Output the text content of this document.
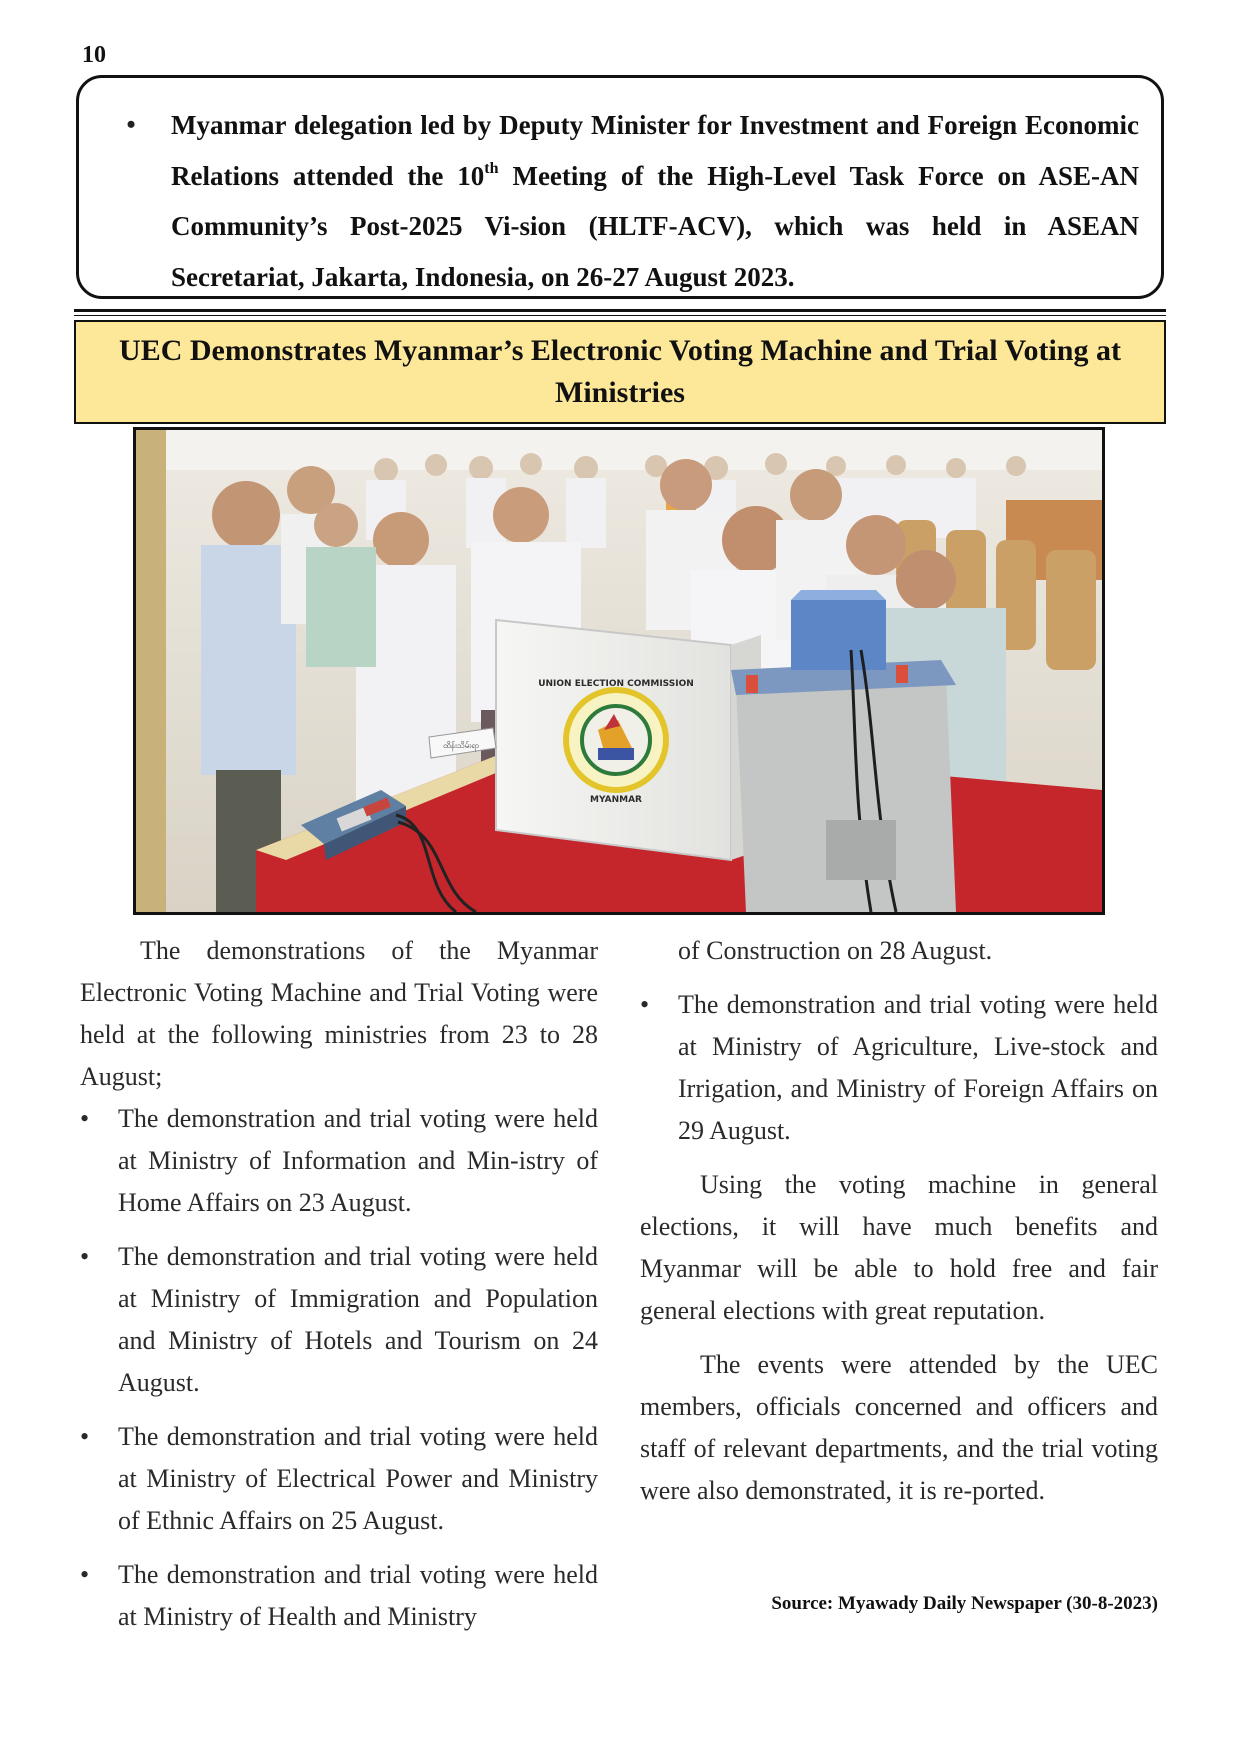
10
•	Myanmar delegation led by Deputy Minister for Investment and Foreign Economic Relations attended the 10th Meeting of the High-Level Task Force on ASE-AN Community’s Post-2025 Vi-sion (HLTF-ACV), which was held in ASEAN Secretariat, Jakarta, Indonesia, on 26-27 August 2023.
UEC Demonstrates Myanmar’s Electronic Voting Machine and Trial Voting at Ministries
UNION ELECTION COMMISSION
MYANMAR
ထိန်းသိမ်းရာ

The demonstrations of the Myanmar Electronic Voting Machine and Trial Voting were held at the following ministries from 23 to 28 August;

•	The demonstration and trial voting were held at Ministry of Information and Min-istry of Home Affairs on 23 August.

•	The demonstration and trial voting were held at Ministry of Immigration and Population and Ministry of Hotels and Tourism on 24 August.

•	The demonstration and trial voting were held at Ministry of Electrical Power and Ministry of Ethnic Affairs on 25 August.

•	The demonstration and trial voting were held at Ministry of Health and Ministry

of Construction on 28 August.

•	The demonstration and trial voting were held at Ministry of Agriculture, Live-stock and Irrigation, and Ministry of Foreign Affairs on 29 August.

Using the voting machine in general elections, it will have much benefits and Myanmar will be able to hold free and fair general elections with great reputation.

The events were attended by the UEC members, officials concerned and officers and staff of relevant departments, and the trial voting were also demonstrated, it is re-ported.

Source: Myawady Daily Newspaper (30-8-2023)
